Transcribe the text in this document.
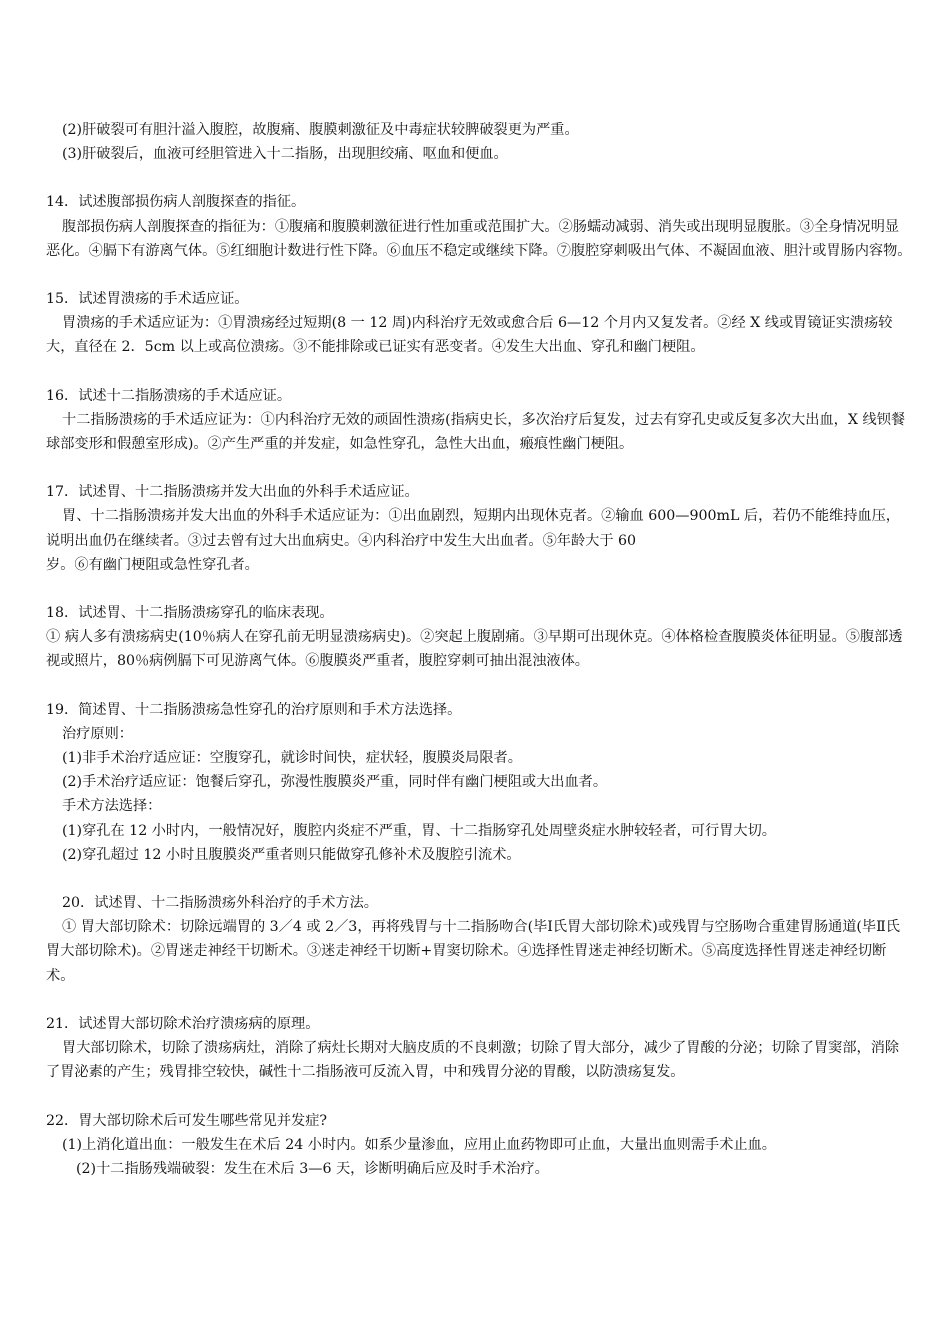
(2)肝破裂可有胆汁溢入腹腔，故腹痛、腹膜刺激征及中毒症状较脾破裂更为严重。

(3)肝破裂后，血液可经胆管进入十二指肠，出现胆绞痛、呕血和便血。

14．试述腹部损伤病人剖腹探查的指征。

腹部损伤病人剖腹探查的指征为：①腹痛和腹膜刺激征进行性加重或范围扩大。②肠蠕动减弱、消失或出现明显腹胀。③全身情况明显恶化。④膈下有游离气体。⑤红细胞计数进行性下降。⑥血压不稳定或继续下降。⑦腹腔穿刺吸出气体、不凝固血液、胆汁或胃肠内容物。

15．试述胃溃疡的手术适应证。

胃溃疡的手术适应证为：①胃溃疡经过短期(8 一 12 周)内科治疗无效或愈合后 6—12 个月内又复发者。②经 X 线或胃镜证实溃疡较大，直径在 2．5cm 以上或高位溃疡。③不能排除或已证实有恶变者。④发生大出血、穿孔和幽门梗阻。

16．试述十二指肠溃疡的手术适应证。

十二指肠溃疡的手术适应证为：①内科治疗无效的顽固性溃疡(指病史长，多次治疗后复发，过去有穿孔史或反复多次大出血，X 线钡餐球部变形和假憩室形成)。②产生严重的并发症，如急性穿孔，急性大出血，瘢痕性幽门梗阻。

17．试述胃、十二指肠溃疡并发大出血的外科手术适应证。

胃、十二指肠溃疡并发大出血的外科手术适应证为：①出血剧烈，短期内出现休克者。②输血 600—900mL 后，若仍不能维持血压，说明出血仍在继续者。③过去曾有过大出血病史。④内科治疗中发生大出血者。⑤年龄大于 60

岁。⑥有幽门梗阻或急性穿孔者。

18．试述胃、十二指肠溃疡穿孔的临床表现。

① 病人多有溃疡病史(10％病人在穿孔前无明显溃疡病史)。②突起上腹剧痛。③早期可出现休克。④体格检查腹膜炎体征明显。⑤腹部透视或照片，80％病例膈下可见游离气体。⑥腹膜炎严重者，腹腔穿刺可抽出混浊液体。

19．简述胃、十二指肠溃疡急性穿孔的治疗原则和手术方法选择。

治疗原则：

(1)非手术治疗适应证：空腹穿孔，就诊时间快，症状轻，腹膜炎局限者。

(2)手术治疗适应证：饱餐后穿孔，弥漫性腹膜炎严重，同时伴有幽门梗阻或大出血者。

手术方法选择：

(1)穿孔在 12 小时内，一般情况好，腹腔内炎症不严重，胃、十二指肠穿孔处周壁炎症水肿较轻者，可行胃大切。

(2)穿孔超过 12 小时且腹膜炎严重者则只能做穿孔修补术及腹腔引流术。

20．试述胃、十二指肠溃疡外科治疗的手术方法。

① 胃大部切除术：切除远端胃的 3／4 或 2／3，再将残胃与十二指肠吻合(毕Ⅰ氏胃大部切除术)或残胃与空肠吻合重建胃肠通道(毕Ⅱ氏胃大部切除术)。②胃迷走神经干切断术。③迷走神经干切断+胃窦切除术。④选择性胃迷走神经切断术。⑤高度选择性胃迷走神经切断术。

21．试述胃大部切除术治疗溃疡病的原理。

胃大部切除术，切除了溃疡病灶，消除了病灶长期对大脑皮质的不良刺激；切除了胃大部分，减少了胃酸的分泌；切除了胃窦部，消除了胃泌素的产生；残胃排空较快，碱性十二指肠液可反流入胃，中和残胃分泌的胃酸，以防溃疡复发。

22．胃大部切除术后可发生哪些常见并发症?

(1)上消化道出血：一般发生在术后 24 小时内。如系少量渗血，应用止血药物即可止血，大量出血则需手术止血。

(2)十二指肠残端破裂：发生在术后 3—6 天，诊断明确后应及时手术治疗。
